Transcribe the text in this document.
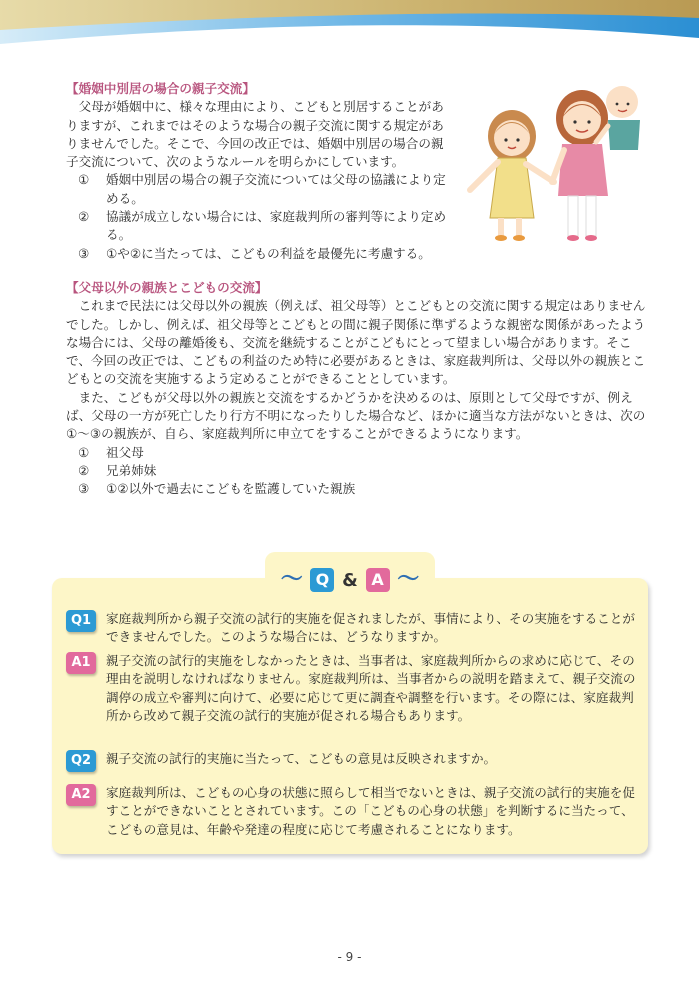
【婚姻中別居の場合の親子交流】

父母が婚姻中に、様々な理由により、こどもと別居することがありますが、これまではそのような場合の親子交流に関する規定がありませんでした。そこで、今回の改正では、婚姻中別居の場合の親子交流について、次のようなルールを明らかにしています。

①	婚姻中別居の場合の親子交流については父母の協議により定める。
②	協議が成立しない場合には、家庭裁判所の審判等により定める。
③	①や②に当たっては、こどもの利益を最優先に考慮する。
【父母以外の親族とこどもの交流】

これまで民法には父母以外の親族（例えば、祖父母等）とこどもとの交流に関する規定はありませんでした。しかし、例えば、祖父母等とこどもとの間に親子関係に準ずるような親密な関係があったような場合には、父母の離婚後も、交流を継続することがこどもにとって望ましい場合があります。そこで、今回の改正では、こどもの利益のため特に必要があるときは、家庭裁判所は、父母以外の親族とこどもとの交流を実施するよう定めることができることとしています。

また、こどもが父母以外の親族と交流をするかどうかを決めるのは、原則として父母ですが、例えば、父母の一方が死亡したり行方不明になったりした場合など、ほかに適当な方法がないときは、次の①～③の親族が、自ら、家庭裁判所に申立てをすることができるようになります。

①	祖父母
②	兄弟姉妹
③	①②以外で過去にこどもを監護していた親族
Q1	家庭裁判所から親子交流の試行的実施を促されましたが、事情により、その実施をすることができませんでした。このような場合には、どうなりますか。
A1	親子交流の試行的実施をしなかったときは、当事者は、家庭裁判所からの求めに応じて、その理由を説明しなければなりません。家庭裁判所は、当事者からの説明を踏まえて、親子交流の調停の成立や審判に向けて、必要に応じて更に調査や調整を行います。その際には、家庭裁判所から改めて親子交流の試行的実施が促される場合もあります。
Q2	親子交流の試行的実施に当たって、こどもの意見は反映されますか。
A2	家庭裁判所は、こどもの心身の状態に照らして相当でないときは、親子交流の試行的実施を促すことができないこととされています。この「こどもの心身の状態」を判断するに当たって、こどもの意見は、年齢や発達の程度に応じて考慮されることになります。
～ Q & A ～
- 9 -
